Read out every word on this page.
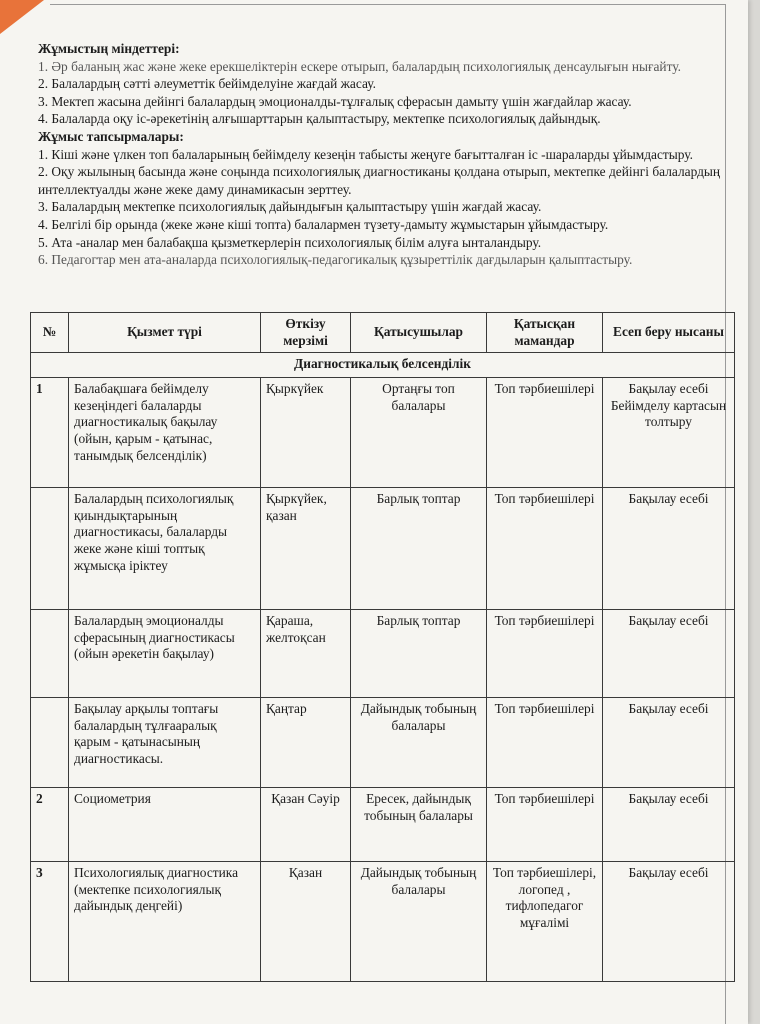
Жұмыстың міндеттері:

1. Әр баланың жас және жеке ерекшеліктерін ескере отырып, балалардың психологиялық денсаулығын нығайту.

2. Балалардың сәтті әлеуметтік бейімделуіне жағдай жасау.

3. Мектеп жасына дейінгі балалардың эмоционалды-тұлғалық сферасын дамыту үшін жағдайлар жасау.

4. Балаларда оқу іс-әрекетінің алғышарттарын қалыптастыру, мектепке психологиялық дайындық.

Жұмыс тапсырмалары:

1. Кіші және үлкен топ балаларының бейімделу кезеңін табысты жеңуге бағытталған іс -шараларды ұйымдастыру.

2. Оқу жылының басында және соңында психологиялық диагностиканы қолдана отырып, мектепке дейінгі балалардың интеллектуалды және жеке даму динамикасын зерттеу.

3. Балалардың мектепке психологиялық дайындығын қалыптастыру үшін жағдай жасау.

4. Белгілі бір орында (жеке және кіші топта) балалармен түзету-дамыту жұмыстарын ұйымдастыру.

5. Ата -аналар мен балабақша қызметкерлерін психологиялық білім алуға ынталандыру.

6. Педагогтар мен ата-аналарда психологиялық-педагогикалық құзыреттілік дағдыларын қалыптастыру.

№	Қызмет түрі	Өткізу мерзімі	Қатысушылар	Қатысқан мамандар	Есеп беру нысаны
Диагностикалық белсенділік					
1	Балабақшаға бейімделу кезеңіндегі балаларды диагностикалық бақылау (ойын, қарым - қатынас, танымдық белсенділік)	Қыркүйек	Ортаңғы топ балалары	Топ тәрбиешілері	Бақылау есебі Бейімделу картасын толтыру
	Балалардың психологиялық қиындықтарының диагностикасы, балаларды жеке және кіші топтық жұмысқа іріктеу	Қыркүйек, қазан	Барлық топтар	Топ тәрбиешілері	Бақылау есебі
	Балалардың эмоционалды сферасының диагностикасы (ойын әрекетін бақылау)	Қараша, желтоқсан	Барлық топтар	Топ тәрбиешілері	Бақылау есебі
	Бақылау арқылы топтағы балалардың тұлғааралық қарым - қатынасының диагностикасы.	Қаңтар	Дайындық тобының балалары	Топ тәрбиешілері	Бақылау есебі
2	Социометрия	Қазан Сәуір	Ересек, дайындық тобының балалары	Топ тәрбиешілері	Бақылау есебі
3	Психологиялық диагностика (мектепке психологиялық дайындық деңгейі)	Қазан	Дайындық тобының балалары	Топ тәрбиешілері, логопед , тифлопедагог мұғалімі	Бақылау есебі
